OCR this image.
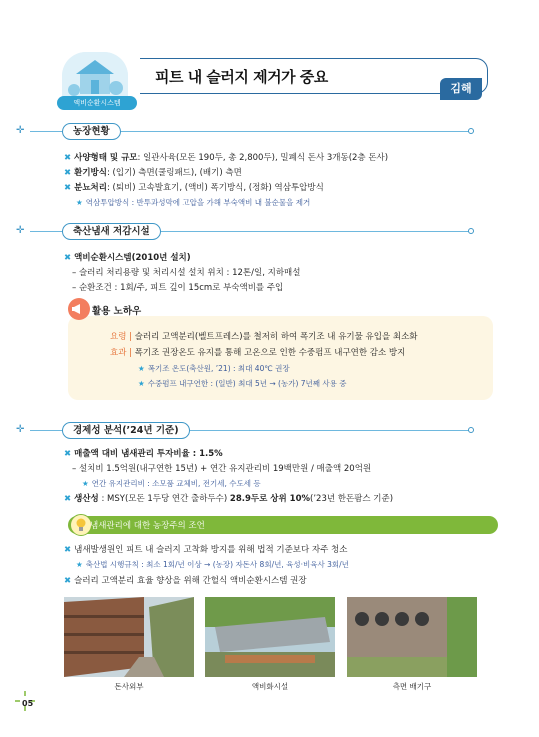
액비순환시스템
피트 내 슬러지 제거가 중요
김해
✛	농장현황
✖ 사양형태 및 규모: 일관사육(모돈 190두, 총 2,800두), 밀폐식 돈사 3개동(2층 돈사)
✖ 환기방식: (입기) 측면(쿨링패드), (배기) 측면
✖ 분뇨처리: (퇴비) 고속발효기, (액비) 폭기방식, (정화) 역삼투압방식
★ 역삼투압방식 : 반투과성막에 고압을 가해 부숙액비 내 불순물을 제거
✛	축산냄새 저감시설
✖ 액비순환시스템(2010년 설치)
– 슬러리 처리용량 및 처리시설 설치 위치 : 12톤/일, 지하매설
– 순환조건 : 1회/주, 피트 깊이 15cm로 부숙액비를 주입
활용 노하우
요령 | 슬러리 고액분리(벨트프레스)를 철저히 하여 폭기조 내 유기물 유입을 최소화
효과 | 폭기조 권장온도 유지를 통해 고온으로 인한 수중펌프 내구연한 감소 방지
★ 폭기조 온도(축산원, ’21) : 최대 40℃ 권장
★ 수중펌프 내구연한 : (일반) 최대 5년 → (농가) 7년째 사용 중
✛	경제성 분석(’24년 기준)
✖ 매출액 대비 냄새관리 투자비율 : 1.5%
– 설치비 1.5억원(내구연한 15년) + 연간 유지관리비 19백만원 / 매출액 20억원
★ 연간 유지관리비 : 소모품 교체비, 전기세, 수도세 등
✖ 생산성 : MSY(모돈 1두당 연간 출하두수) 28.9두로 상위 10%(’23년 한돈팜스 기준)
냄새관리에 대한 농장주의 조언
✖ 냄새발생원인 피트 내 슬러지 고착화 방지를 위해 법적 기준보다 자주 청소
★ 축산법 시행규칙 : 최소 1회/년 이상 → (농장) 자돈사 8회/년, 육성·비육사 3회/년
✖ 슬러리 고액분리 효율 향상을 위해 간헐식 액비순환시스템 권장
돈사외부	액비화시설	측면 배기구
05
